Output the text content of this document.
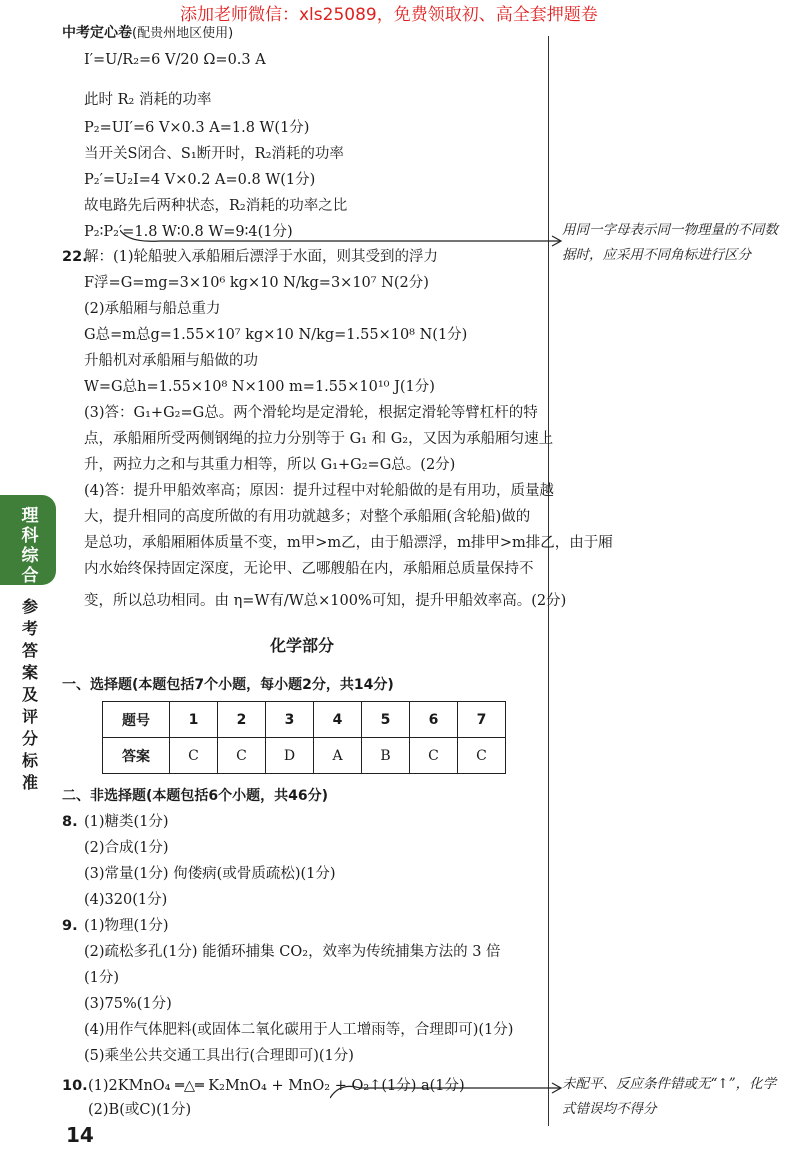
添加老师微信：xls25089，免费领取初、高全套押题卷
中考定心卷(配贵州地区使用)
I′=U/R₂=6 V/20 Ω=0.3 A
此时 R₂ 消耗的功率
P₂=UI′=6 V×0.3 A=1.8 W(1分)
当开关S闭合、S₁断开时，R₂消耗的功率
P₂′=U₂I=4 V×0.2 A=0.8 W(1分)
故电路先后两种状态，R₂消耗的功率之比
P₂∶P₂′=1.8 W∶0.8 W=9∶4(1分)
22.
解：(1)轮船驶入承船厢后漂浮于水面，则其受到的浮力
F浮=G=mg=3×10⁶ kg×10 N/kg=3×10⁷ N(2分)
(2)承船厢与船总重力
G总=m总g=1.55×10⁷ kg×10 N/kg=1.55×10⁸ N(1分)
升船机对承船厢与船做的功
W=G总h=1.55×10⁸ N×100 m=1.55×10¹⁰ J(1分)
(3)答：G₁+G₂=G总。两个滑轮均是定滑轮，根据定滑轮等臂杠杆的特
点，承船厢所受两侧钢绳的拉力分别等于 G₁ 和 G₂，又因为承船厢匀速上
升，两拉力之和与其重力相等，所以 G₁+G₂=G总。(2分)
(4)答：提升甲船效率高；原因：提升过程中对轮船做的是有用功，质量越
大，提升相同的高度所做的有用功就越多；对整个承船厢(含轮船)做的
是总功，承船厢厢体质量不变，m甲>m乙，由于船漂浮，m排甲>m排乙，由于厢
内水始终保持固定深度，无论甲、乙哪艘船在内，承船厢总质量保持不
变，所以总功相同。由 η=W有/W总×100%可知，提升甲船效率高。(2分)
理科综合
参考答案及评分标准
化学部分
一、选择题(本题包括7个小题，每小题2分，共14分)
题号	1	2	3	4	5	6	7
答案	C	C	D	A	B	C	C
二、非选择题(本题包括6个小题，共46分)
8. (1)糖类(1分)
(2)合成(1分)
(3)常量(1分) 佝偻病(或骨质疏松)(1分)
(4)320(1分)
9. (1)物理(1分)
(2)疏松多孔(1分) 能循环捕集 CO₂，效率为传统捕集方法的 3 倍
(1分)
(3)75%(1分)
(4)用作气体肥料(或固体二氧化碳用于人工增雨等，合理即可)(1分)
(5)乘坐公共交通工具出行(合理即可)(1分)
10. (1)2KMnO₄ ═△═ K₂MnO₄ + MnO₂ + O₂↑(1分) a(1分)
(2)B(或C)(1分)
用同一字母表示同一物理量的不同数据时，应采用不同角标进行区分
未配平、反应条件错或无“↑”，化学式错误均不得分
14
